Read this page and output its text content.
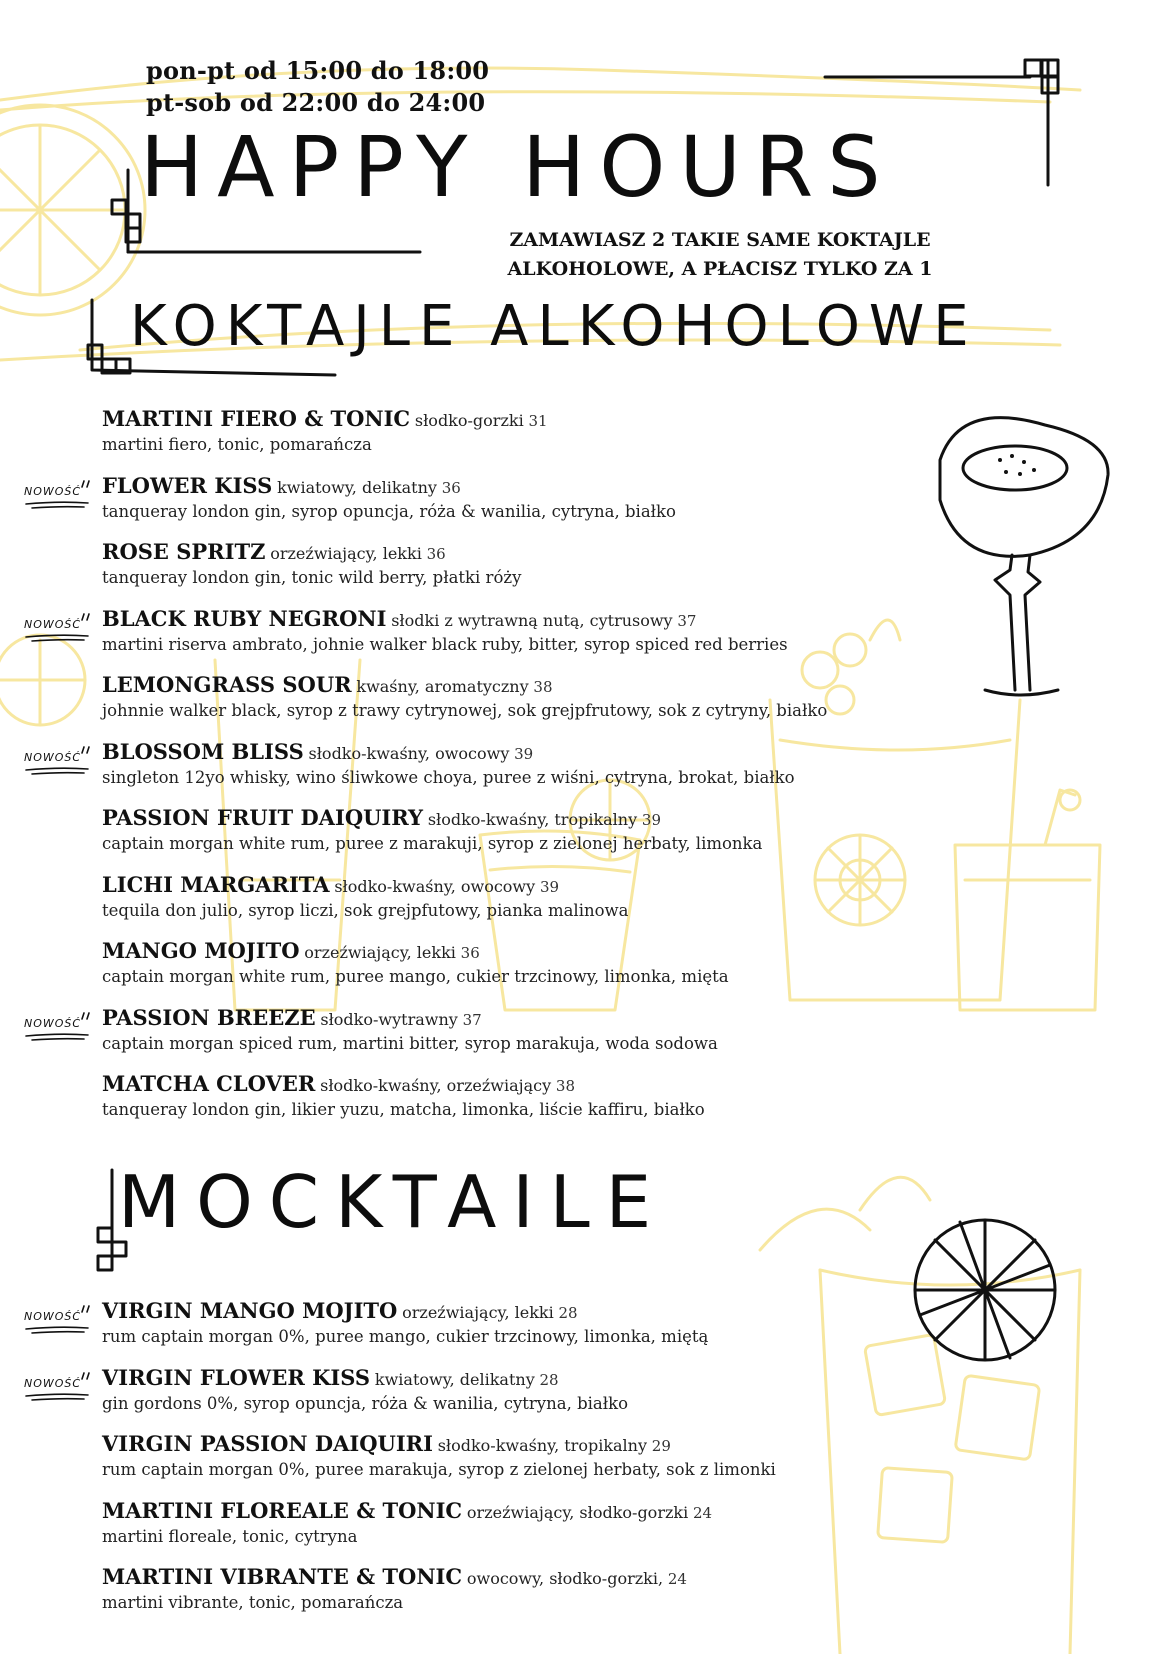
pon-pt od 15:00 do 18:00
pt-sob od 22:00 do 24:00
HAPPY HOURS
ZAMAWIASZ 2 TAKIE SAME KOKTAJLE
ALKOHOLOWE, A PŁACISZ TYLKO ZA 1
KOKTAJLE ALKOHOLOWE
MARTINI FIERO & TONIC słodko-gorzki 31
martini fiero, tonic, pomarańcza
NOWOŚĆ FLOWER KISS kwiatowy, delikatny 36
tanqueray london gin, syrop opuncja, róża & wanilia, cytryna, białko
ROSE SPRITZ orzeźwiający, lekki 36
tanqueray london gin, tonic wild berry, płatki róży
NOWOŚĆ BLACK RUBY NEGRONI słodki z wytrawną nutą, cytrusowy 37
martini riserva ambrato, johnie walker black ruby, bitter, syrop spiced red berries
LEMONGRASS SOUR kwaśny, aromatyczny 38
johnnie walker black, syrop z trawy cytrynowej, sok grejpfrutowy, sok z cytryny, białko
NOWOŚĆ BLOSSOM BLISS słodko-kwaśny, owocowy 39
singleton 12yo whisky, wino śliwkowe choya, puree z wiśni, cytryna, brokat, białko
PASSION FRUIT DAIQUIRY słodko-kwaśny, tropikalny 39
captain morgan white rum, puree z marakuji, syrop z zielonej herbaty, limonka
LICHI MARGARITA słodko-kwaśny, owocowy 39
tequila don julio, syrop liczi, sok grejpfutowy, pianka malinowa
MANGO MOJITO orzeźwiający, lekki 36
captain morgan white rum, puree mango, cukier trzcinowy, limonka, mięta
NOWOŚĆ PASSION BREEZE słodko-wytrawny 37
captain morgan spiced rum, martini bitter, syrop marakuja, woda sodowa
MATCHA CLOVER słodko-kwaśny, orzeźwiający 38
tanqueray london gin, likier yuzu, matcha, limonka, liście kaffiru, białko
NOWOŚĆ VIRGIN MANGO MOJITO orzeźwiający, lekki 28
rum captain morgan 0%, puree mango, cukier trzcinowy, limonka, miętą
NOWOŚĆ VIRGIN FLOWER KISS kwiatowy, delikatny 28
gin gordons 0%, syrop opuncja, róża & wanilia, cytryna, białko
VIRGIN PASSION DAIQUIRI słodko-kwaśny, tropikalny 29
rum captain morgan 0%, puree marakuja, syrop z zielonej herbaty, sok z limonki
MARTINI FLOREALE & TONIC orzeźwiający, słodko-gorzki 24
martini floreale, tonic, cytryna
MARTINI VIBRANTE & TONIC owocowy, słodko-gorzki, 24
martini vibrante, tonic, pomarańcza
MOCKTAILE
